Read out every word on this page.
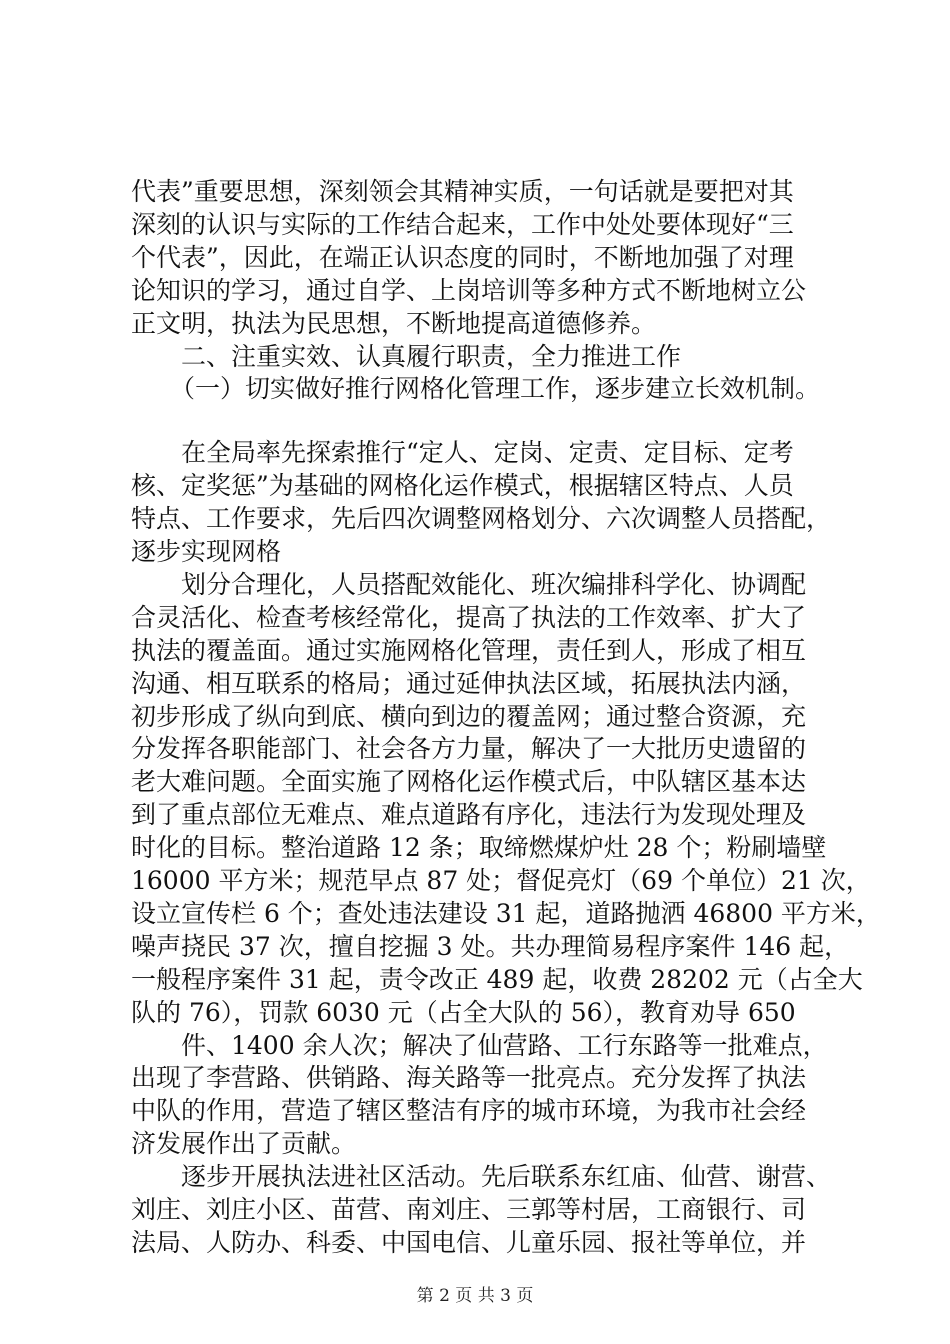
代表”重要思想，深刻领会其精神实质，一句话就是要把对其
深刻的认识与实际的工作结合起来，工作中处处要体现好“三
个代表”，因此，在端正认识态度的同时，不断地加强了对理
论知识的学习，通过自学、上岗培训等多种方式不断地树立公
正文明，执法为民思想，不断地提高道德修养。
二、注重实效、认真履行职责，全力推进工作
（一）切实做好推行网格化管理工作，逐步建立长效机制。
在全局率先探索推行“定人、定岗、定责、定目标、定考
核、定奖惩”为基础的网格化运作模式，根据辖区特点、人员
特点、工作要求，先后四次调整网格划分、六次调整人员搭配，
逐步实现网格
划分合理化，人员搭配效能化、班次编排科学化、协调配
合灵活化、检查考核经常化，提高了执法的工作效率、扩大了
执法的覆盖面。通过实施网格化管理，责任到人，形成了相互
沟通、相互联系的格局；通过延伸执法区域，拓展执法内涵，
初步形成了纵向到底、横向到边的覆盖网；通过整合资源，充
分发挥各职能部门、社会各方力量，解决了一大批历史遗留的
老大难问题。全面实施了网格化运作模式后，中队辖区基本达
到了重点部位无难点、难点道路有序化，违法行为发现处理及
时化的目标。整治道路 12 条；取缔燃煤炉灶 28 个；粉刷墙壁
16000 平方米；规范早点 87 处；督促亮灯（69 个单位）21 次，
设立宣传栏 6 个；查处违法建设 31 起，道路抛洒 46800 平方米，
噪声挠民 37 次，擅自挖掘 3 处。共办理简易程序案件 146 起，
一般程序案件 31 起，责令改正 489 起，收费 28202 元（占全大
队的 76），罚款 6030 元（占全大队的 56），教育劝导 650
件、1400 余人次；解决了仙营路、工行东路等一批难点，
出现了李营路、供销路、海关路等一批亮点。充分发挥了执法
中队的作用，营造了辖区整洁有序的城市环境，为我市社会经
济发展作出了贡献。
逐步开展执法进社区活动。先后联系东红庙、仙营、谢营、
刘庄、刘庄小区、苗营、南刘庄、三郭等村居，工商银行、司
法局、人防办、科委、中国电信、儿童乐园、报社等单位，并
第 2 页 共 3 页
